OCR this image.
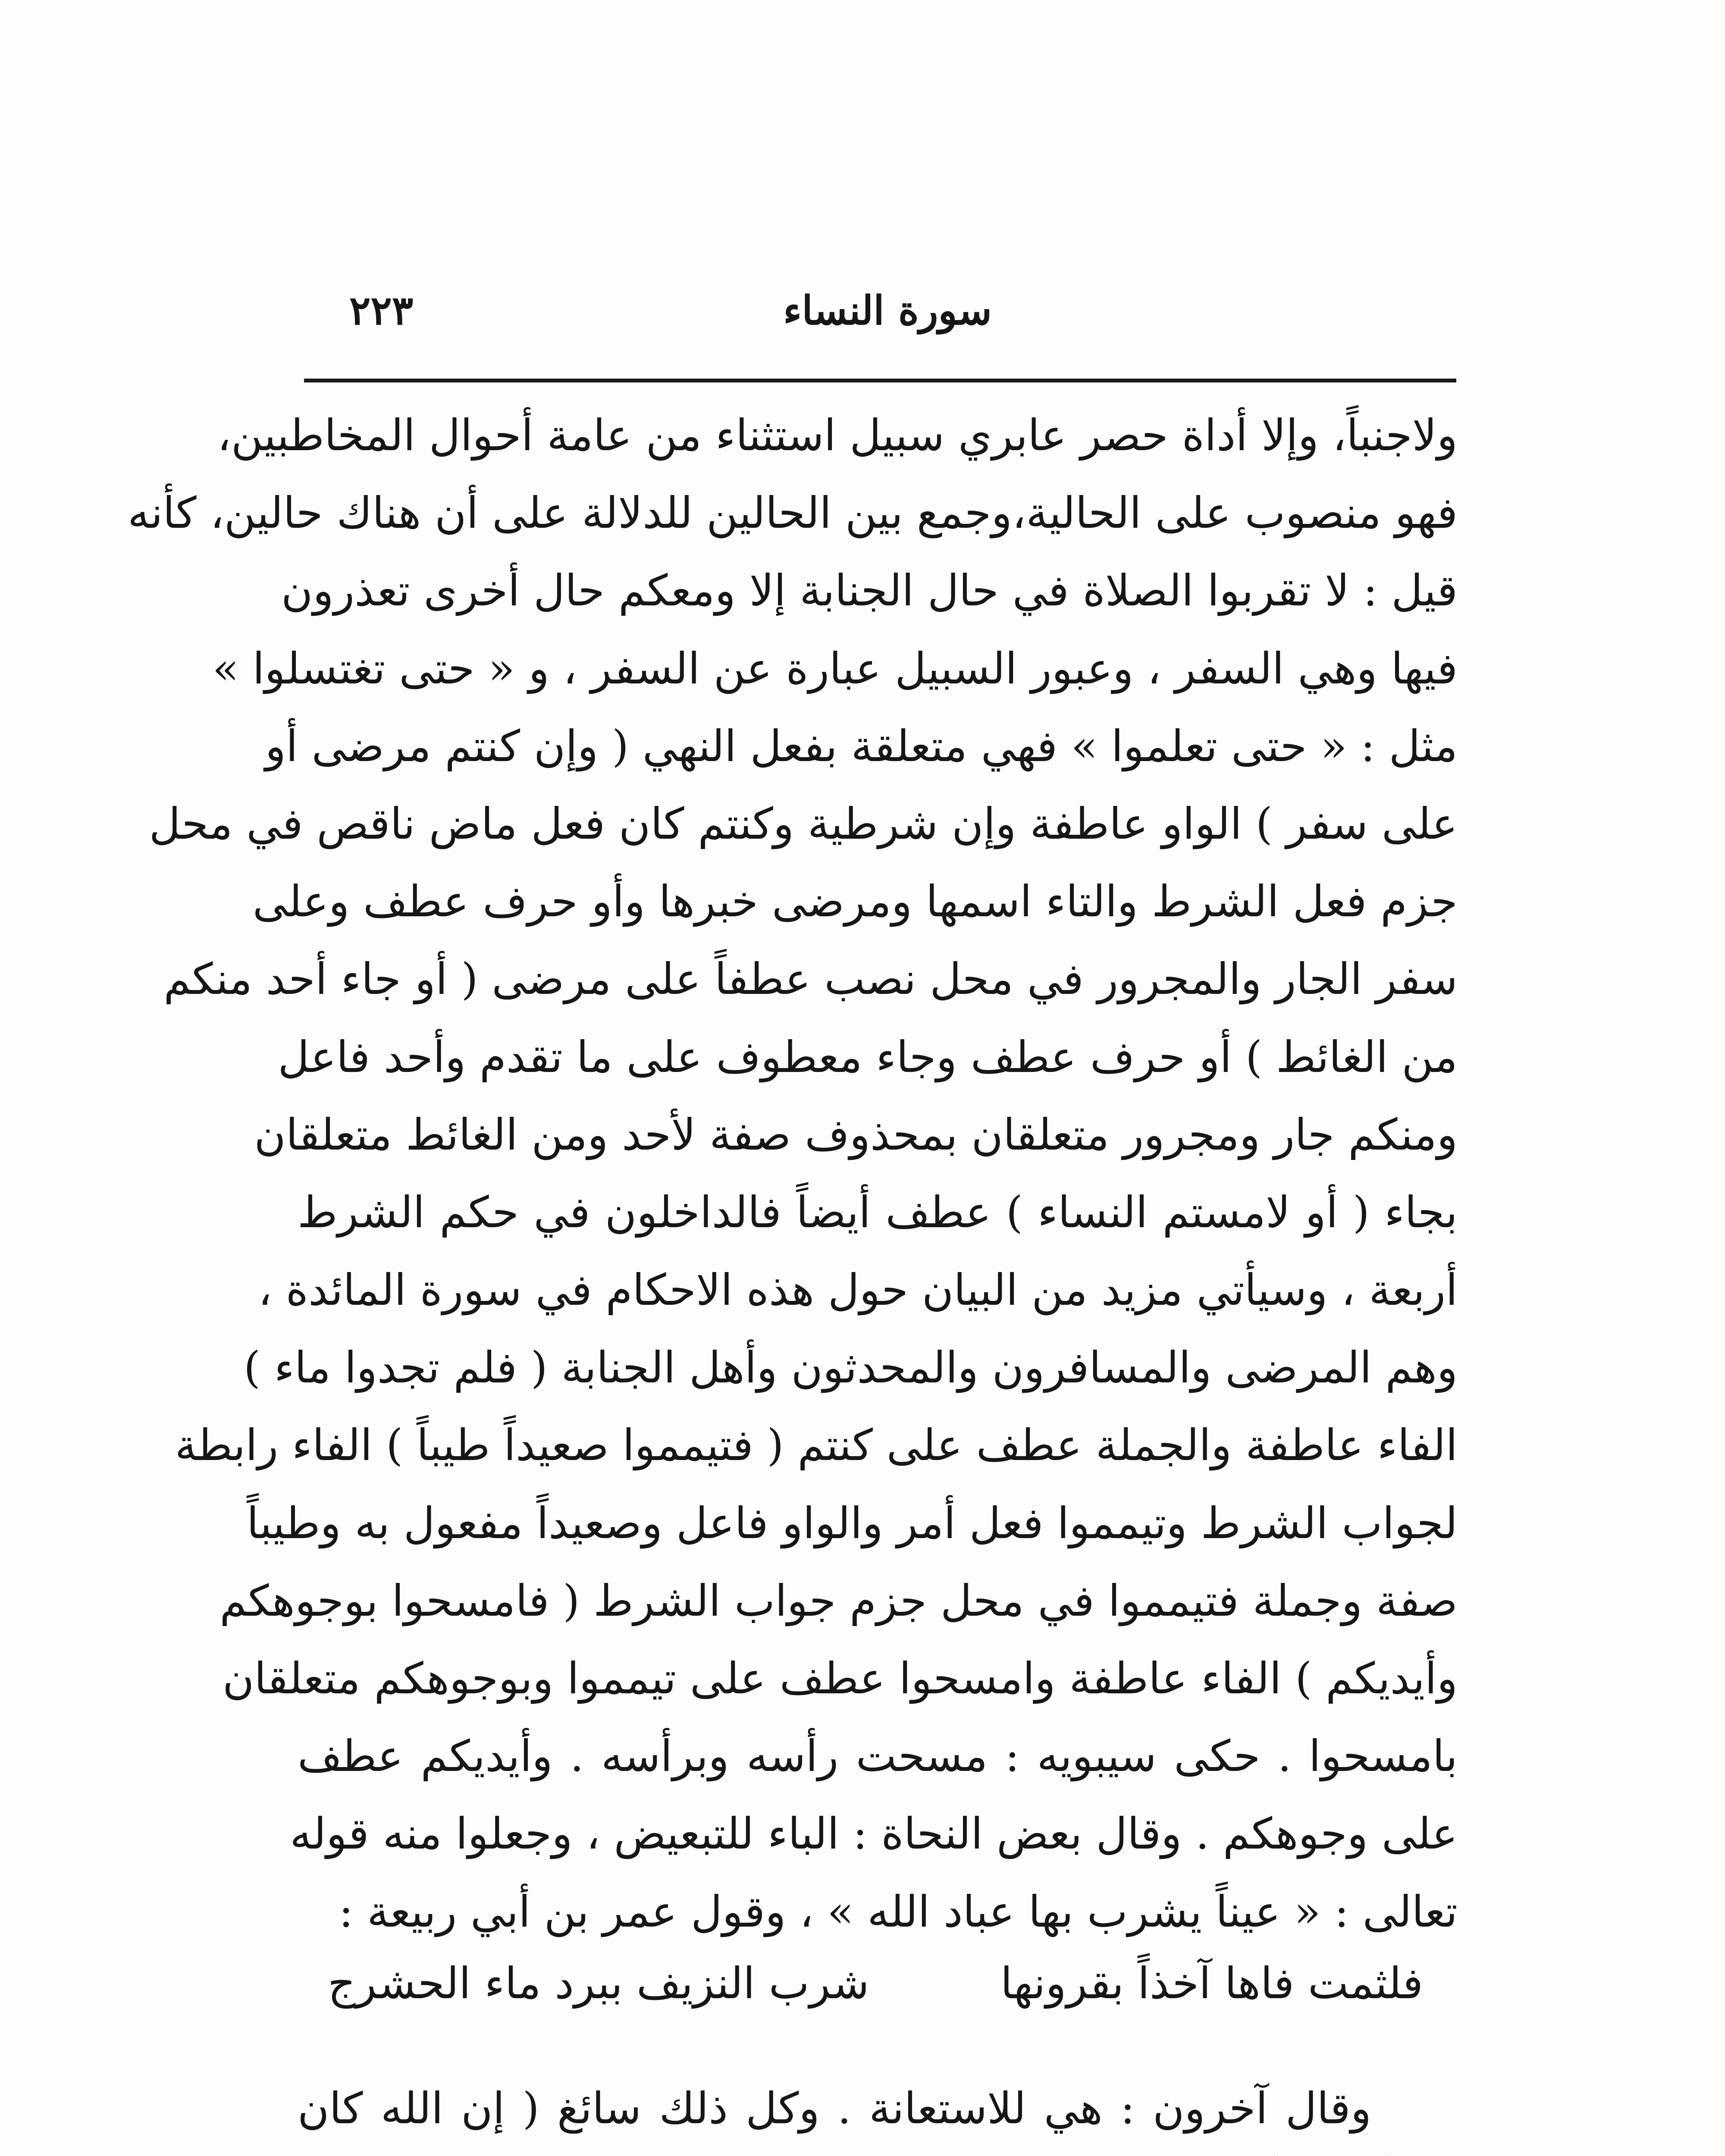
سورة النساء
٢٢٣
ولاجنباً، وإلا أداة حصر عابري سبيل استثناء من عامة أحوال المخاطبين،
فهو منصوب على الحالية،وجمع بين الحالين للدلالة على أن هناك حالين، كأنه
قيل : لا تقربوا الصلاة في حال الجنابة إلا ومعكم حال أخرى تعذرون
فيها وهي السفر ، وعبور السبيل عبارة عن السفر ، و « حتى تغتسلوا »
مثل : « حتى تعلموا » فهي متعلقة بفعل النهي ( وإن كنتم مرضى أو
على سفر ) الواو عاطفة وإن شرطية وكنتم كان فعل ماض ناقص في محل
جزم فعل الشرط والتاء اسمها ومرضى خبرها وأو حرف عطف وعلى
سفر الجار والمجرور في محل نصب عطفاً على مرضى ( أو جاء أحد منكم
من الغائط ) أو حرف عطف وجاء معطوف على ما تقدم وأحد فاعل
ومنكم جار ومجرور متعلقان بمحذوف صفة لأحد ومن الغائط متعلقان
بجاء ( أو لامستم النساء ) عطف أيضاً فالداخلون في حكم الشرط
أربعة ، وسيأتي مزيد من البيان حول هذه الاحكام في سورة المائدة ،
وهم المرضى والمسافرون والمحدثون وأهل الجنابة ( فلم تجدوا ماء )
الفاء عاطفة والجملة عطف على كنتم ( فتيمموا صعيداً طيباً ) الفاء رابطة
لجواب الشرط وتيمموا فعل أمر والواو فاعل وصعيداً مفعول به وطيباً
صفة وجملة فتيمموا في محل جزم جواب الشرط ( فامسحوا بوجوهكم
وأيديكم ) الفاء عاطفة وامسحوا عطف على تيمموا وبوجوهكم متعلقان
بامسحوا . حكى سيبويه : مسحت رأسه وبرأسه . وأيديكم عطف
على وجوهكم . وقال بعض النحاة : الباء للتبعيض ، وجعلوا منه قوله
تعالى : « عيناً يشرب بها عباد الله » ، وقول عمر بن أبي ربيعة :
فلثمت فاها آخذاً بقرونها
شرب النزيف ببرد ماء الحشرج
وقال آخرون : هي للاستعانة . وكل ذلك سائغ ( إن الله كان
